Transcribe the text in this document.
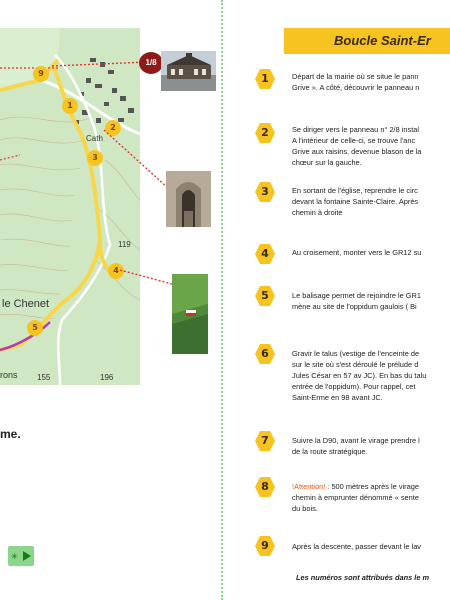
9
1
2
3
4
5
le Chenet
rons 155	196
119
Cath
1/8
me.
✳
Boucle Saint-Er
1	Départ de la mairie où se situe le pann
Grive ». A côté, découvrir le panneau n
2	Se diriger vers le panneau n° 2/8 instal
A l'intérieur de celle-ci, se trouve l'anc
Grive aux raisins, devenue blason de la
chœur sur la gauche.
3	En sortant de l'église, reprendre le circ
devant la fontaine Sainte-Claire. Après
chemin à droite
4	Au croisement, monter vers le GR12 su
5	Le balisage permet de rejoindre le GR1
mène au site de l'oppidum gaulois ( Bi
6	Gravir le talus (vestige de l'enceinte de
sur le site où s'est déroulé le prélude d
Jules César en 57 av JC). En bas du talu
entrée de l'oppidum). Pour rappel, cet
Saint-Erme en 98 avant JC.
7	Suivre la D90, avant le virage prendre l
de la route stratégique.
8	!Attention! : 500 mètres après le virage
chemin à emprunter dénommé « sente
du bois.
9	Après la descente, passer devant le lav
Les numéros sont attribués dans le m
